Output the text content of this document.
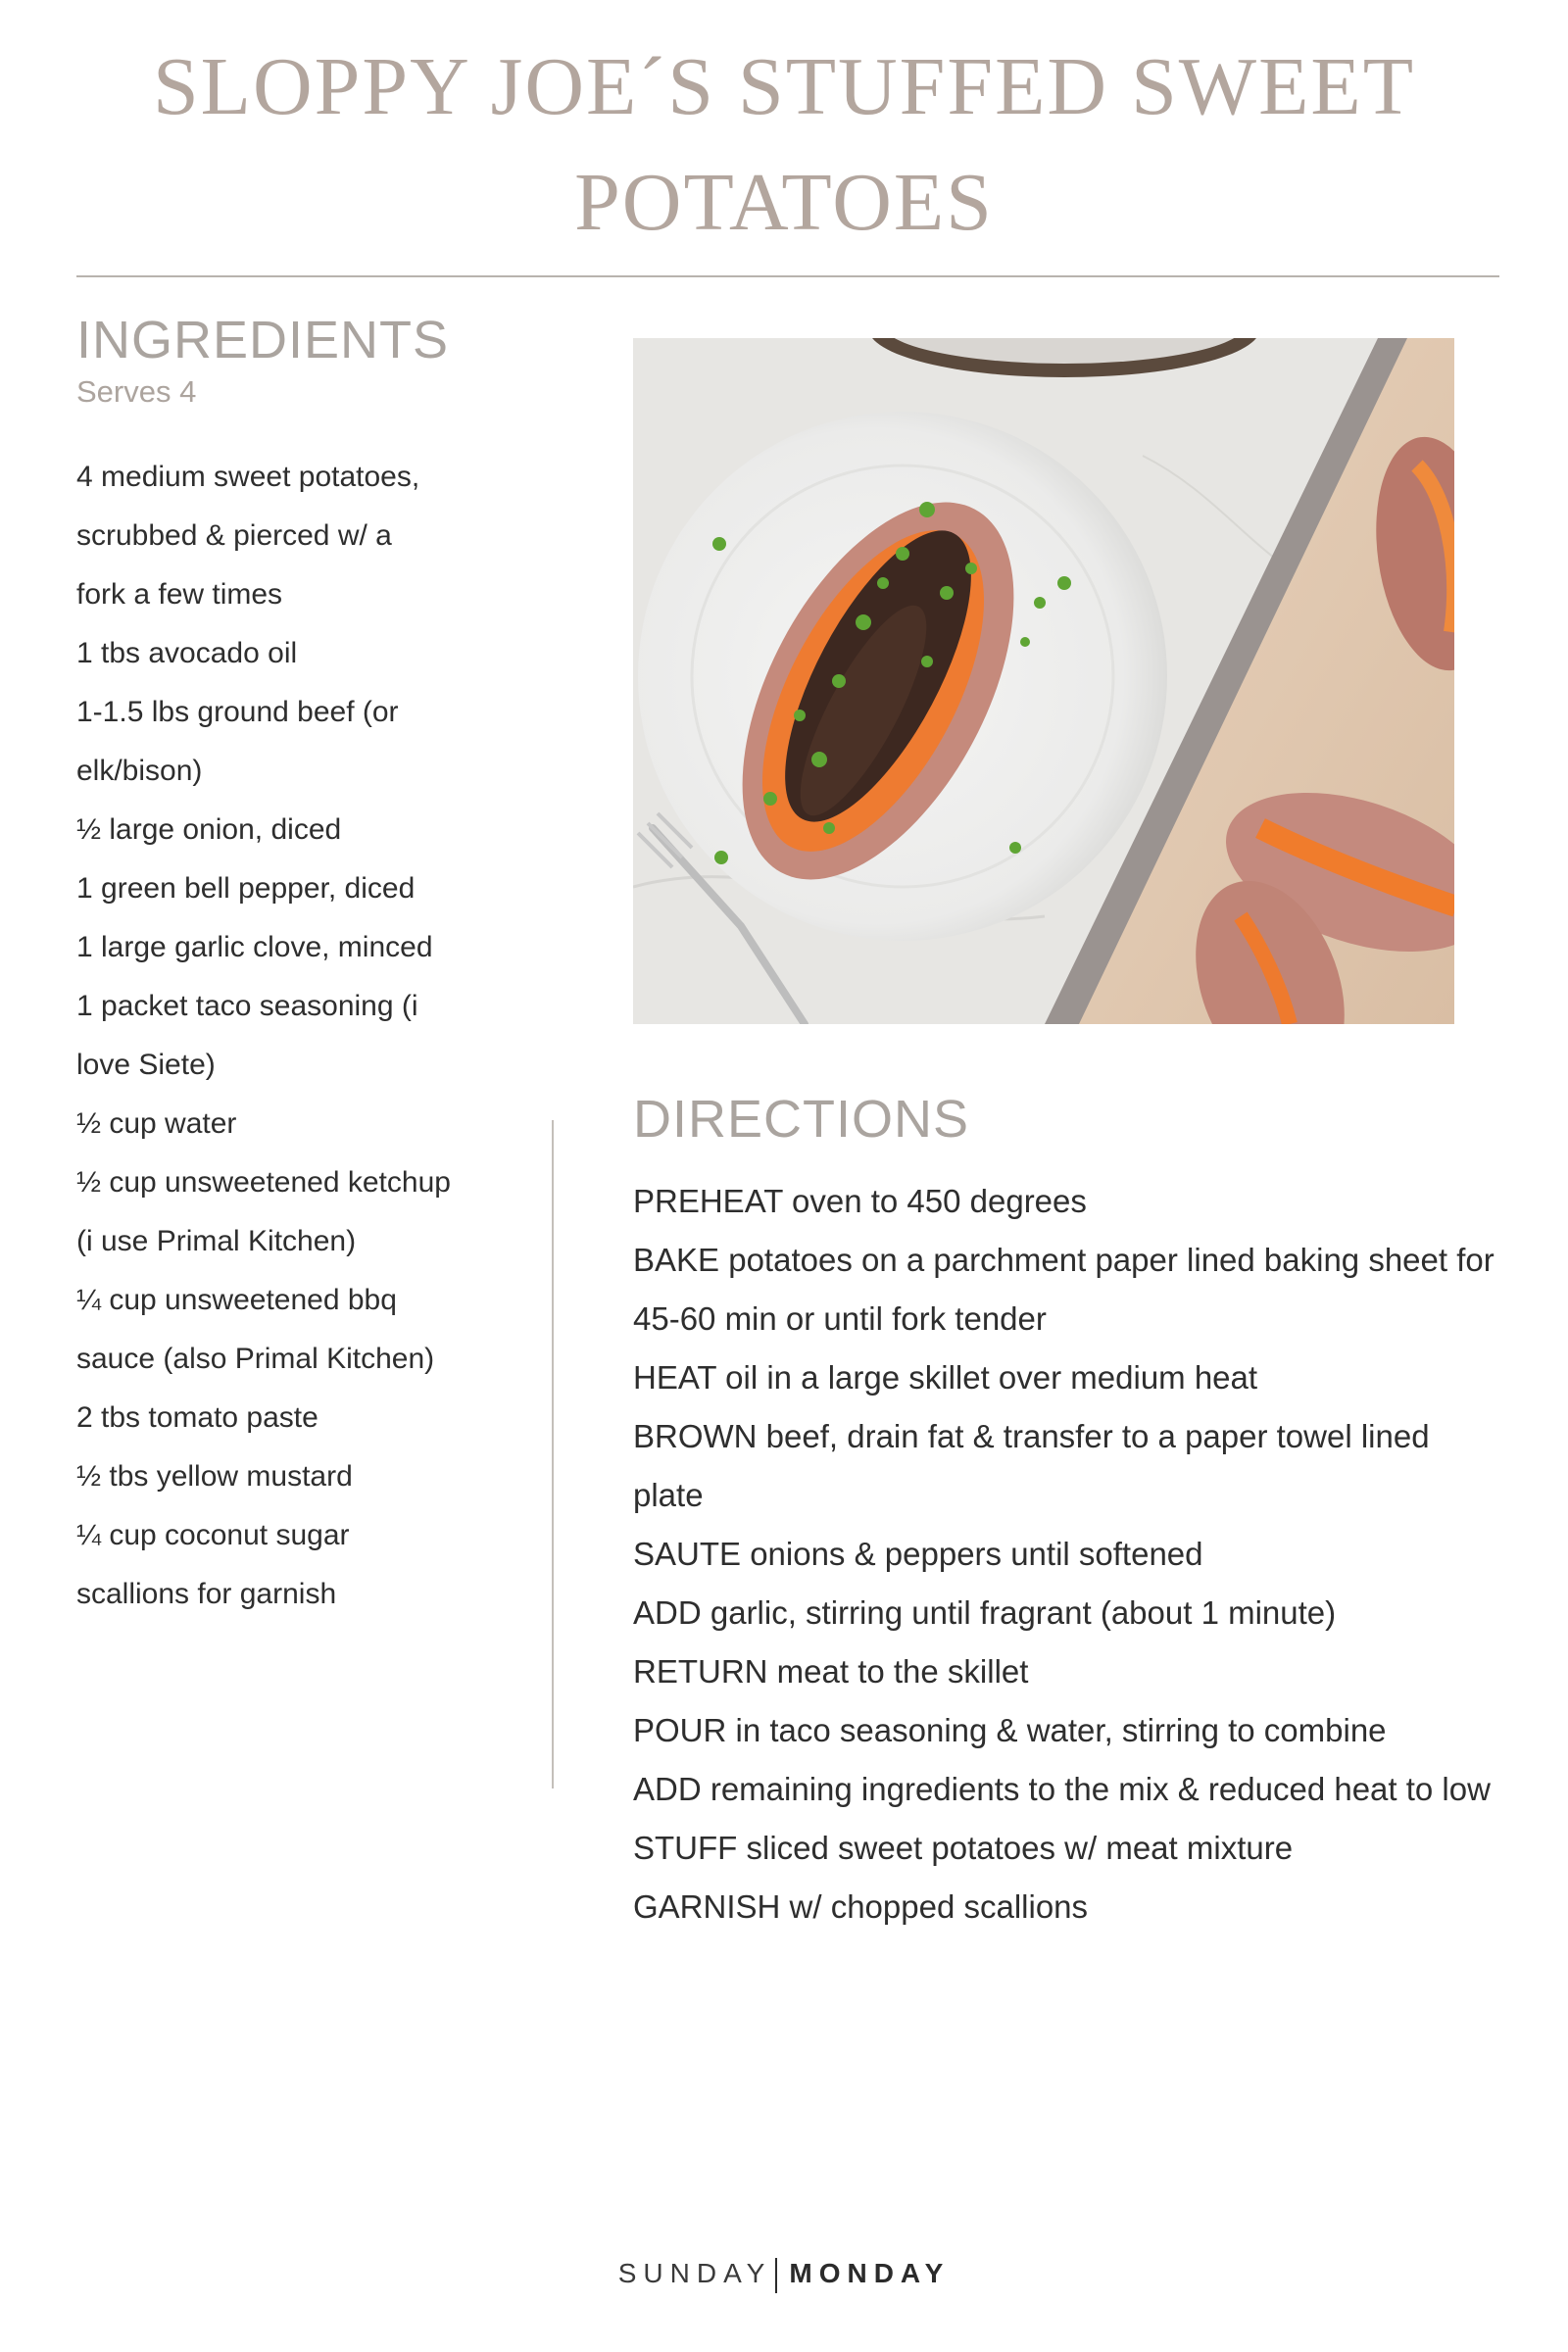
SLOPPY JOE´S STUFFED SWEET
POTATOES
INGREDIENTS

Serves 4

4 medium sweet potatoes,
scrubbed & pierced w/ a
fork a few times
1 tbs avocado oil
1-1.5 lbs ground beef (or
elk/bison)
½ large onion, diced
1 green bell pepper, diced
1 large garlic clove, minced
1 packet taco seasoning (i
love Siete)
½ cup water
½ cup unsweetened ketchup
(i use Primal Kitchen)
¼ cup unsweetened bbq
sauce (also Primal Kitchen)
2 tbs tomato paste
½ tbs yellow mustard
¼ cup coconut sugar
scallions for garnish
DIRECTIONS
PREHEAT oven to 450 degrees
BAKE potatoes on a parchment paper lined baking sheet for
45-60 min or until fork tender
HEAT oil in a large skillet over medium heat
BROWN beef, drain fat & transfer to a paper towel lined
plate
SAUTE onions & peppers until softened
ADD garlic, stirring until fragrant (about 1 minute)
RETURN meat to the skillet
POUR in taco seasoning & water, stirring to combine
ADD remaining ingredients to the mix & reduced heat to low
STUFF sliced sweet potatoes w/ meat mixture
GARNISH w/ chopped scallions
SUNDAY MONDAY
